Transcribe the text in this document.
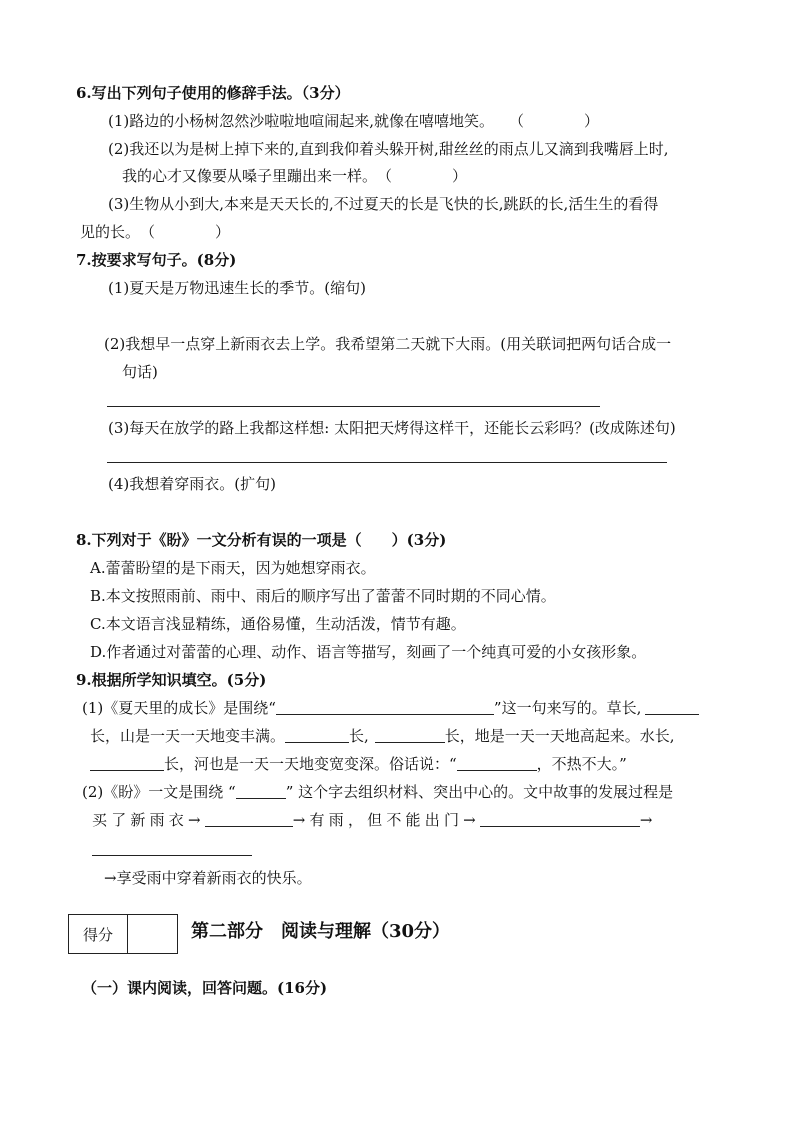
6.写出下列句子使用的修辞手法。（3分）
(1)路边的小杨树忽然沙啦啦地喧闹起来,就像在嘻嘻地笑。　　（　　　　）
(2)我还以为是树上掉下来的,直到我仰着头躲开树,甜丝丝的雨点儿又滴到我嘴唇上时,
我的心才又像要从嗓子里蹦出来一样。　（　　　　）
(3)生物从小到大,本来是天天长的,不过夏天的长是飞快的长,跳跃的长,活生生的看得
见的长。　（　　　　）
7.按要求写句子。(8分)
(1)夏天是万物迅速生长的季节。(缩句)
(2)我想早一点穿上新雨衣去上学。我希望第二天就下大雨。(用关联词把两句话合成一
句话)
(3)每天在放学的路上我都这样想: 太阳把天烤得这样干，还能长云彩吗？(改成陈述句)
(4)我想着穿雨衣。(扩句)
8.下列对于《盼》一文分析有误的一项是（　　）(3分)
A.蕾蕾盼望的是下雨天，因为她想穿雨衣。
B.本文按照雨前、雨中、雨后的顺序写出了蕾蕾不同时期的不同心情。
C.本文语言浅显精练，通俗易懂，生动活泼，情节有趣。
D.作者通过对蕾蕾的心理、动作、语言等描写，刻画了一个纯真可爱的小女孩形象。
9.根据所学知识填空。(5分)
(1)《夏天里的成长》是围绕“	”这一句来写的。草长,
长，山是一天一天地变丰满。	长,	长，地是一天一天地高起来。水长,
长，河也是一天一天地变宽变深。俗话说：“	，不热不大。”
(2)《盼》一文是围绕 “	” 这个字去组织材料、突出中心的。文中故事的发展过程是
买了新雨衣→	→有雨，但不能出门→	→
→享受雨中穿着新雨衣的快乐。
得分	第二部分　阅读与理解（30分）
（一）课内阅读，回答问题。(16分)
